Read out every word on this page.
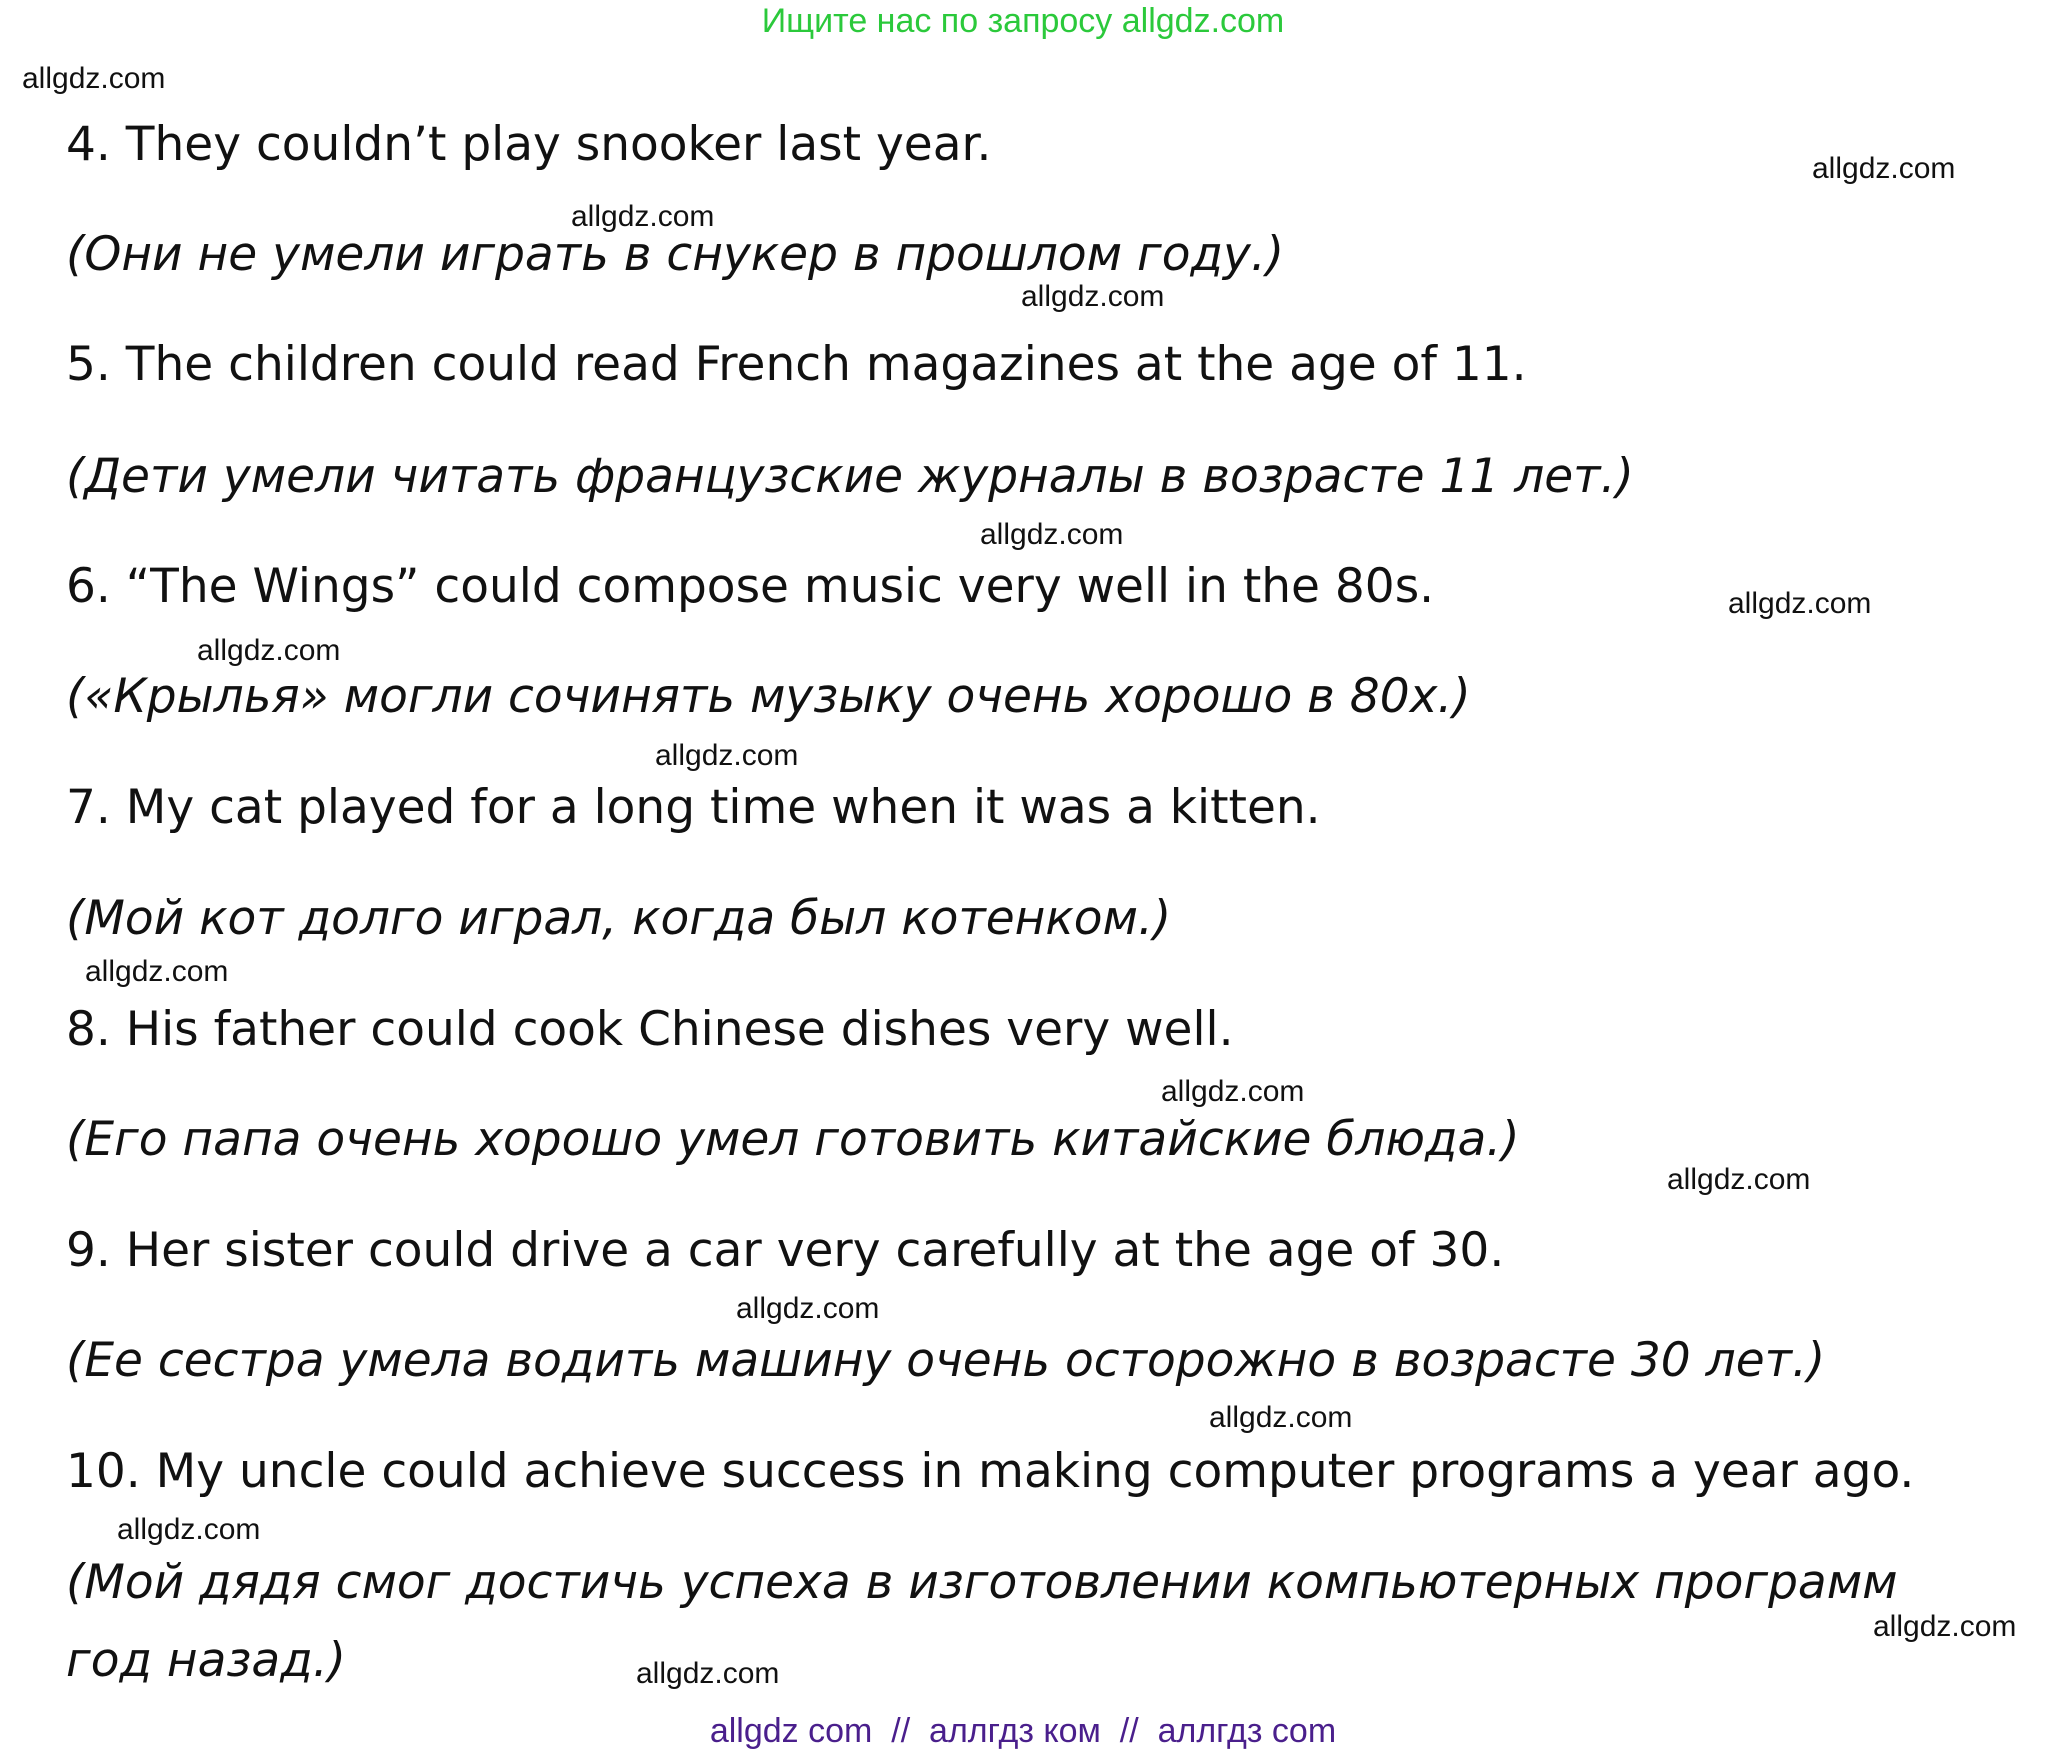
Ищите нас по запросу allgdz.com
4. They couldn’t play snooker last year.
(Они не умели играть в снукер в прошлом году.)
5. The children could read French magazines at the age of 11.
(Дети умели читать французские журналы в возрасте 11 лет.)
6. “The Wings” could compose music very well in the 80s.
(«Крылья» могли сочинять музыку очень хорошо в 80х.)
7. My cat played for a long time when it was a kitten.
(Мой кот долго играл, когда был котенком.)
8. His father could cook Chinese dishes very well.
(Его папа очень хорошо умел готовить китайские блюда.)
9. Her sister could drive a car very carefully at the age of 30.
(Ее сестра умела водить машину очень осторожно в возрасте 30 лет.)
10. My uncle could achieve success in making computer programs a year ago.
(Мой дядя смог достичь успеха в изготовлении компьютерных программ
год назад.)
allgdz.com
allgdz.com
allgdz.com
allgdz.com
allgdz.com
allgdz.com
allgdz.com
allgdz.com
allgdz.com
allgdz.com
allgdz.com
allgdz.com
allgdz.com
allgdz.com
allgdz.com
allgdz.com
allgdz com  //  аллгдз ком  //  аллгдз com
